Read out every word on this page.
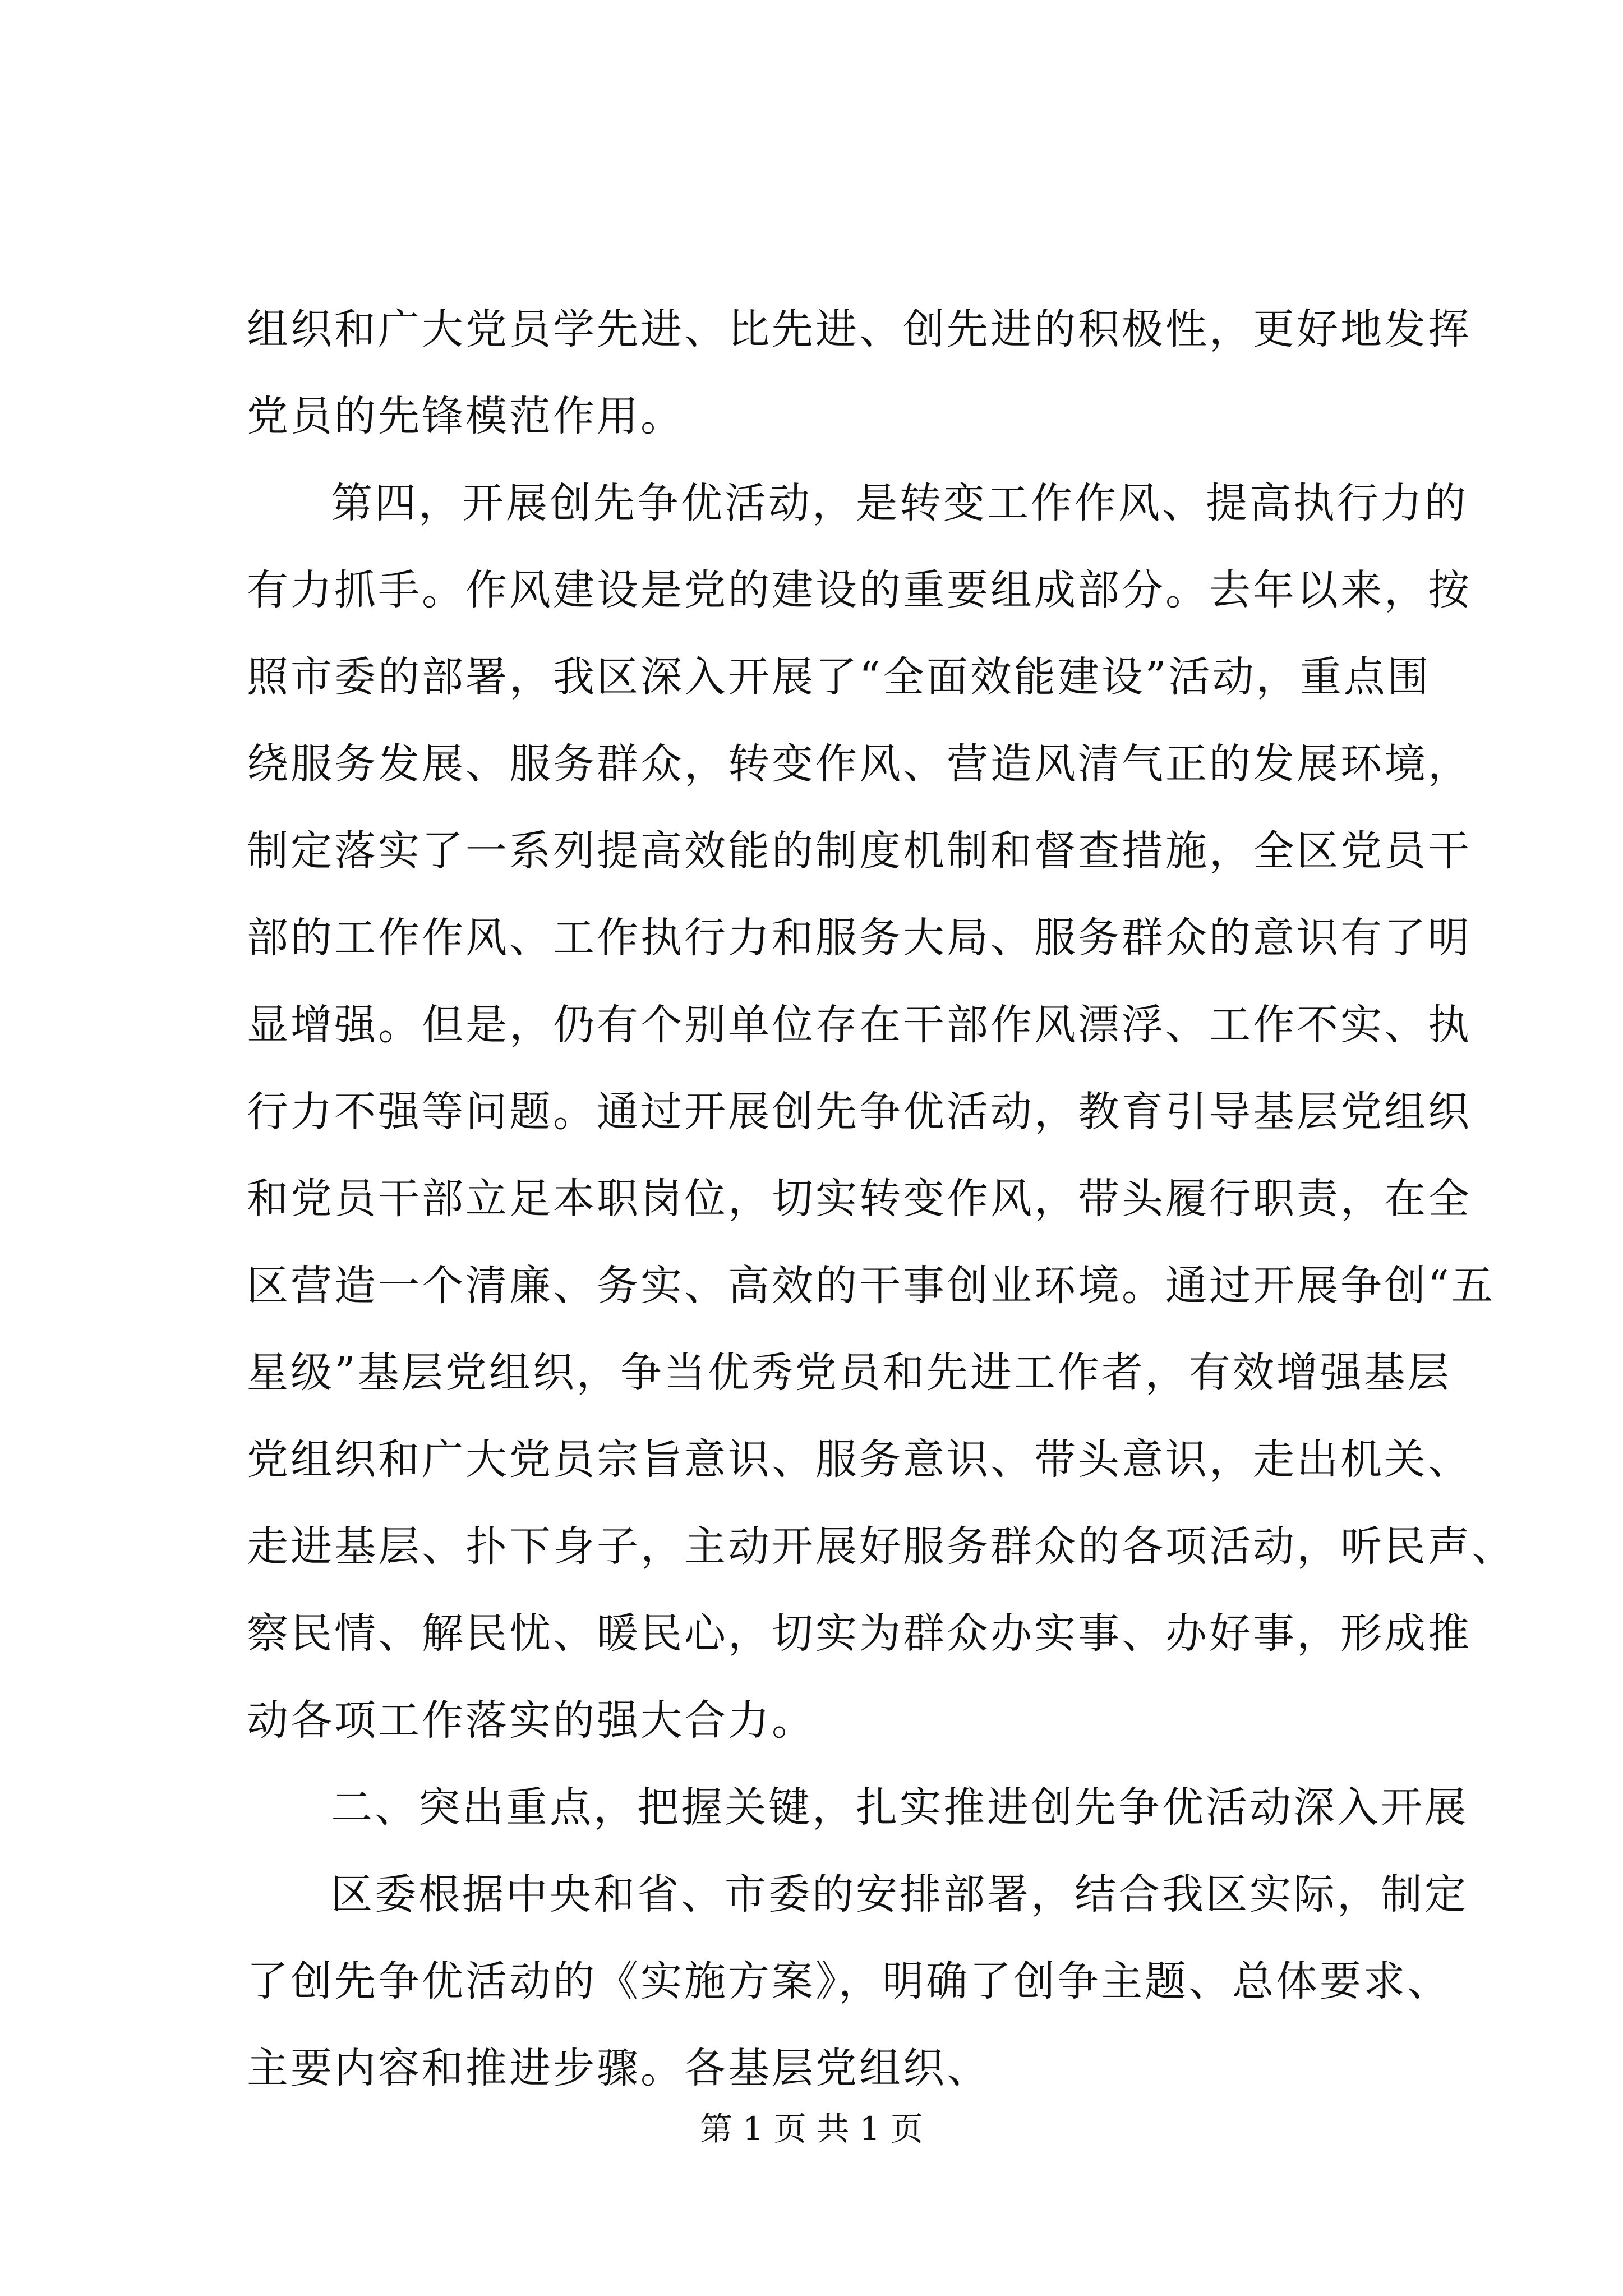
组织和广大党员学先进、比先进、创先进的积极性，更好地发挥
党员的先锋模范作用。
第四，开展创先争优活动，是转变工作作风、提高执行力的
有力抓手。作风建设是党的建设的重要组成部分。去年以来，按
照市委的部署，我区深入开展了“全面效能建设”活动，重点围
绕服务发展、服务群众，转变作风、营造风清气正的发展环境，
制定落实了一系列提高效能的制度机制和督查措施，全区党员干
部的工作作风、工作执行力和服务大局、服务群众的意识有了明
显增强。但是，仍有个别单位存在干部作风漂浮、工作不实、执
行力不强等问题。通过开展创先争优活动，教育引导基层党组织
和党员干部立足本职岗位，切实转变作风，带头履行职责，在全
区营造一个清廉、务实、高效的干事创业环境。通过开展争创“五
星级”基层党组织，争当优秀党员和先进工作者，有效增强基层
党组织和广大党员宗旨意识、服务意识、带头意识，走出机关、
走进基层、扑下身子，主动开展好服务群众的各项活动，听民声、
察民情、解民忧、暖民心，切实为群众办实事、办好事，形成推
动各项工作落实的强大合力。
二、突出重点，把握关键，扎实推进创先争优活动深入开展
区委根据中央和省、市委的安排部署，结合我区实际，制定
了创先争优活动的《实施方案》，明确了创争主题、总体要求、
主要内容和推进步骤。各基层党组织、
第 1 页 共 1 页
